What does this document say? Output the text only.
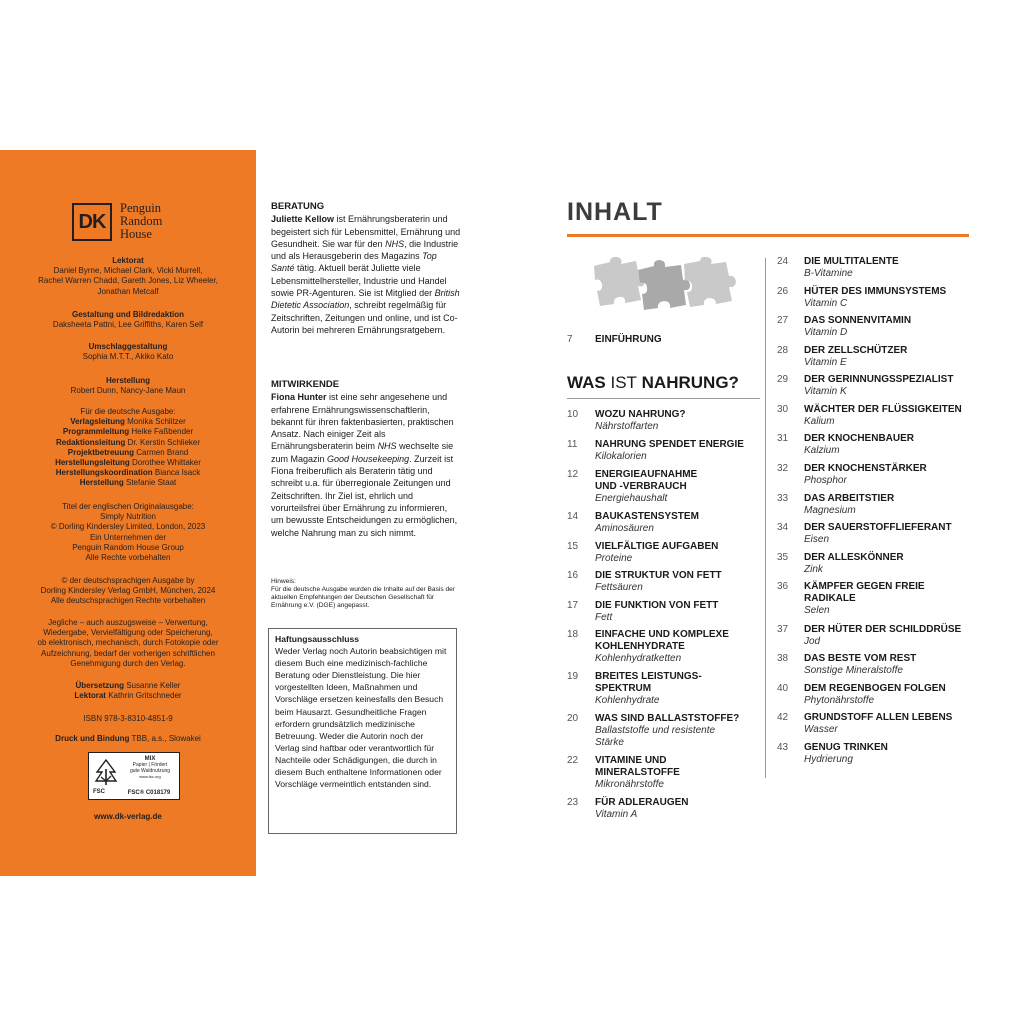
DK
Penguin
Random
House
Lektorat
Daniel Byrne, Michael Clark, Vicki Murrell,
Rachel Warren Chadd, Gareth Jones, Liz Wheeler,
Jonathan Metcalf
Gestaltung und Bildredaktion
Daksheeta Pattni, Lee Griffiths, Karen Self
Umschlaggestaltung
Sophia M.T.T., Akiko Kato
Herstellung
Robert Dunn, Nancy-Jane Maun
Für die deutsche Ausgabe:
Verlagsleitung Monika Schlitzer
Programmleitung Heike Faßbender
Redaktionsleitung Dr. Kerstin Schlieker
Projektbetreuung Carmen Brand
Herstellungsleitung Dorothee Whittaker
Herstellungskoordination Bianca Isack
Herstellung Stefanie Staat
Titel der englischen Originalausgabe:
Simply Nutrition
© Dorling Kindersley Limited, London, 2023
Ein Unternehmen der
Penguin Random House Group
Alle Rechte vorbehalten
© der deutschsprachigen Ausgabe by
Dorling Kindersley Verlag GmbH, München, 2024
Alle deutschsprachigen Rechte vorbehalten
Jegliche – auch auszugsweise – Verwertung,
Wiedergabe, Vervielfältigung oder Speicherung,
ob elektronisch, mechanisch, durch Fotokopie oder
Aufzeichnung, bedarf der vorherigen schriftlichen
Genehmigung durch den Verlag.
Übersetzung Susanne Keller
Lektorat Kathrin Gritschneder
ISBN 978-3-8310-4851-9
Druck und Bindung TBB, a.s., Slowakei
FSC
MIX
Papier | Fördert
gute Waldnutzung
www.fsc.org
FSC® C018179
www.dk-verlag.de
BERATUNG
Juliette Kellow ist Ernährungsberaterin und begeistert sich für Lebensmittel, Ernährung und Gesundheit. Sie war für den NHS, die Industrie und als Herausgeberin des Magazins Top Santé tätig. Aktuell berät Juliette viele Lebensmittelhersteller, Industrie und Handel sowie PR-Agenturen. Sie ist Mitglied der British Dietetic Association, schreibt regelmäßig für Zeitschriften, Zeitungen und online, und ist Co-Autorin bei mehreren Ernährungsratgebern.
MITWIRKENDE
Fiona Hunter ist eine sehr angesehene und erfahrene Ernährungswissenschaftlerin, bekannt für ihren faktenbasierten, praktischen Ansatz. Nach einiger Zeit als Ernährungsberaterin beim NHS wechselte sie zum Magazin Good Housekeeping. Zurzeit ist Fiona freiberuflich als Beraterin tätig und schreibt u.a. für überregionale Zeitungen und Zeitschriften. Ihr Ziel ist, ehrlich und vorurteilsfrei über Ernährung zu informieren, um bewusste Entscheidungen zu ermöglichen, welche Nahrung man zu sich nimmt.
Hinweis:
Für die deutsche Ausgabe wurden die Inhalte auf der Basis der aktuellen Empfehlungen der Deutschen Gesellschaft für Ernährung e.V. (DGE) angepasst.
Haftungsausschluss
Weder Verlag noch Autorin beabsichtigen mit diesem Buch eine medizinisch-fachliche Beratung oder Dienstleistung. Die hier vorgestellten Ideen, Maßnahmen und Vorschläge ersetzen keinesfalls den Besuch beim Hausarzt. Gesundheitliche Fragen erfordern grundsätzlich medizinische Betreuung. Weder die Autorin noch der Verlag sind haftbar oder verantwortlich für Nachteile oder Schädigungen, die durch in diesem Buch enthaltene Informationen oder Vorschläge vermeintlich entstanden sind.
INHALT
7 EINFÜHRUNG
WAS IST NAHRUNG?
10 WOZU NAHRUNG?
Nährstoffarten
11 NAHRUNG SPENDET ENERGIE
Kilokalorien
12 ENERGIEAUFNAHME
UND -VERBRAUCH
Energiehaushalt
14 BAUKASTENSYSTEM
Aminosäuren
15 VIELFÄLTIGE AUFGABEN
Proteine
16 DIE STRUKTUR VON FETT
Fettsäuren
17 DIE FUNKTION VON FETT
Fett
18 EINFACHE UND KOMPLEXE
KOHLENHYDRATE
Kohlenhydratketten
19 BREITES LEISTUNGS-
SPEKTRUM
Kohlenhydrate
20 WAS SIND BALLASTSTOFFE?
Ballaststoffe und resistente
Stärke
22 VITAMINE UND
MINERALSTOFFE
Mikronährstoffe
23 FÜR ADLERAUGEN
Vitamin A
24 DIE MULTITALENTE
B-Vitamine
26 HÜTER DES IMMUNSYSTEMS
Vitamin C
27 DAS SONNENVITAMIN
Vitamin D
28 DER ZELLSCHÜTZER
Vitamin E
29 DER GERINNUNGSSPEZIALIST
Vitamin K
30 WÄCHTER DER FLÜSSIGKEITEN
Kalium
31 DER KNOCHENBAUER
Kalzium
32 DER KNOCHENSTÄRKER
Phosphor
33 DAS ARBEITSTIER
Magnesium
34 DER SAUERSTOFFLIEFERANT
Eisen
35 DER ALLESKÖNNER
Zink
36 KÄMPFER GEGEN FREIE
RADIKALE
Selen
37 DER HÜTER DER SCHILDDRÜSE
Jod
38 DAS BESTE VOM REST
Sonstige Mineralstoffe
40 DEM REGENBOGEN FOLGEN
Phytonährstoffe
42 GRUNDSTOFF ALLEN LEBENS
Wasser
43 GENUG TRINKEN
Hydrierung
